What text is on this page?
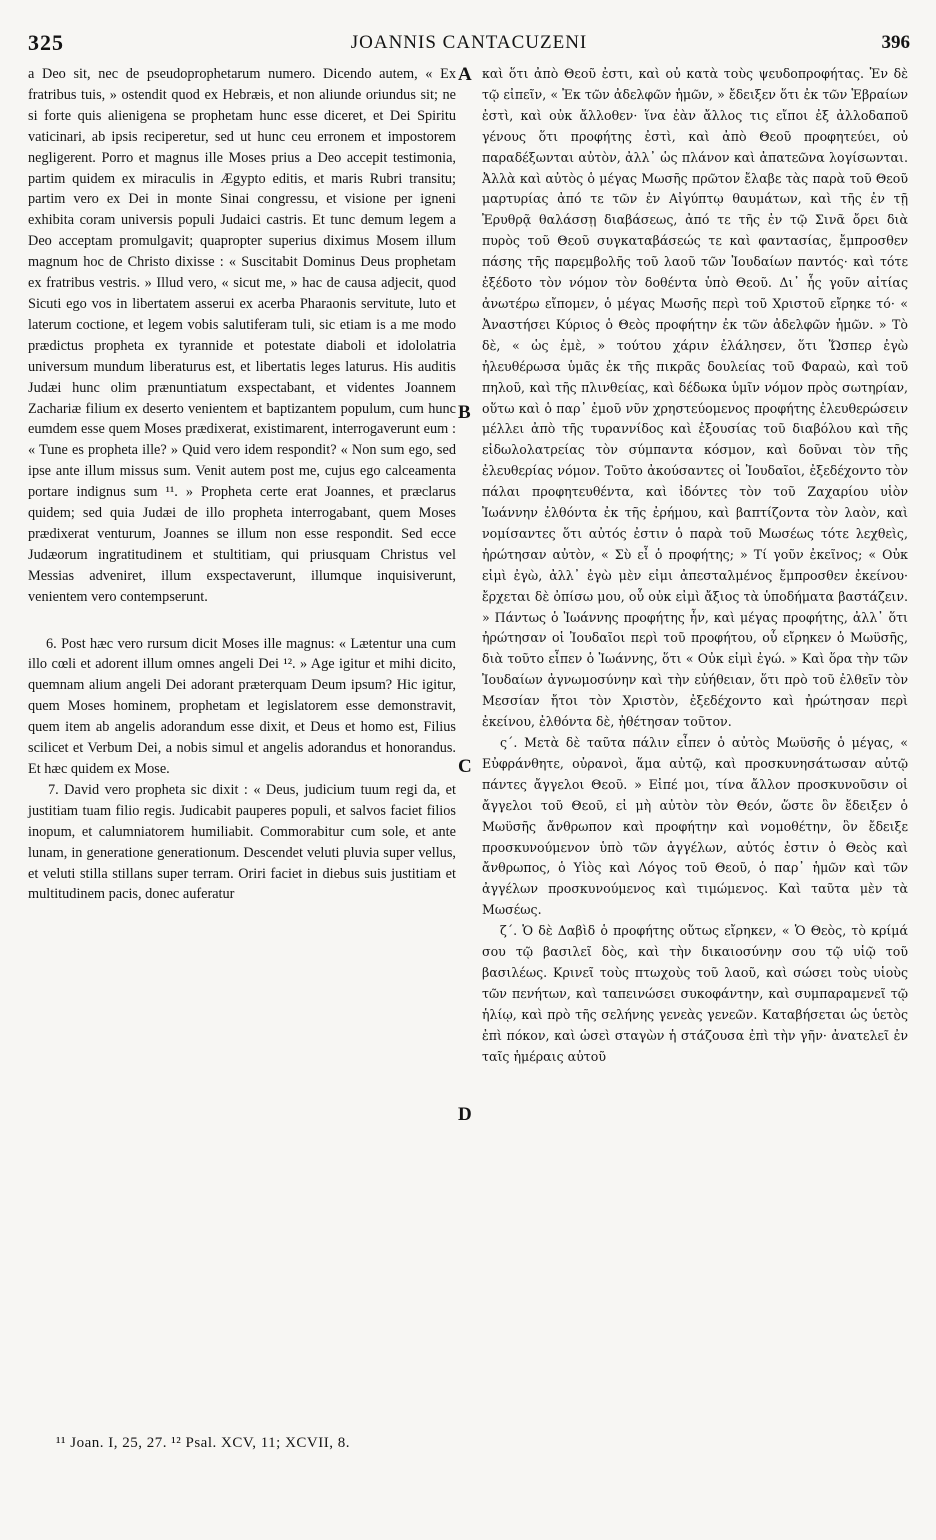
325	JOANNIS CANTACUZENI	396

a Deo sit, nec de pseudoprophetarum numero. Dicendo autem, « Ex fratribus tuis, » ostendit quod ex Hebræis, et non aliunde oriundus sit; ne si forte quis alienigena se prophetam hunc esse diceret, et Dei Spiritu vaticinari, ab ipsis reciperetur, sed ut hunc ceu erronem et impostorem negligerent. Porro et magnus ille Moses prius a Deo accepit testimonia, partim quidem ex miraculis in Ægypto editis, et maris Rubri transitu; partim vero ex Dei in monte Sinai congressu, et visione per igneni exhibita coram universis populi Judaici castris. Et tunc demum legem a Deo acceptam promulgavit; quapropter superius diximus Mosem illum magnum hoc de Christo dixisse : « Suscitabit Dominus Deus prophetam ex fratribus vestris. » Illud vero, « sicut me, » hac de causa adjecit, quod Sicuti ego vos in libertatem asserui ex acerba Pharaonis servitute, luto et laterum coctione, et legem vobis salutiferam tuli, sic etiam is a me modo prædictus propheta ex tyrannide et potestate diaboli et idololatria universum mundum liberaturus est, et libertatis leges laturus. His auditis Judæi hunc olim prænuntiatum exspectabant, et videntes Joannem Zachariæ filium ex deserto venientem et baptizantem populum, cum hunc eumdem esse quem Moses prædixerat, existimarent, interrogaverunt eum : « Tune es propheta ille? » Quid vero idem respondit? « Non sum ego, sed ipse ante illum missus sum. Venit autem post me, cujus ego calceamenta portare indignus sum ¹¹. » Propheta certe erat Joannes, et præclarus quidem; sed quia Judæi de illo propheta interrogabant, quem Moses prædixerat venturum, Joannes se illum non esse respondit. Sed ecce Judæorum ingratitudinem et stultitiam, qui priusquam Christus vel Messias adveniret, illum exspectaverunt, illumque inquisiverunt, venientem vero contempserunt.

6. Post hæc vero rursum dicit Moses ille magnus: « Lætentur una cum illo cœli et adorent illum omnes angeli Dei ¹². » Age igitur et mihi dicito, quemnam alium angeli Dei adorant præterquam Deum ipsum? Hic igitur, quem Moses hominem, prophetam et legislatorem esse demonstravit, quem item ab angelis adorandum esse dixit, et Deus et homo est, Filius scilicet et Verbum Dei, a nobis simul et angelis adorandus et honorandus. Et hæc quidem ex Mose.

7. David vero propheta sic dixit : « Deus, judicium tuum regi da, et justitiam tuam filio regis. Judicabit pauperes populi, et salvos faciet filios inopum, et calumniatorem humiliabit. Commorabitur cum sole, et ante lunam, in generatione generationum. Descendet veluti pluvia super vellus, et veluti stilla stillans super terram. Oriri faciet in diebus suis justitiam et multitudinem pacis, donec auferatur

A
B
C
D

καὶ ὅτι ἀπὸ Θεοῦ ἐστι, καὶ οὐ κατὰ τοὺς ψευδοπροφήτας. Ἐν δὲ τῷ εἰπεῖν, « Ἐκ τῶν ἀδελφῶν ἡμῶν, » ἔδειξεν ὅτι ἐκ τῶν Ἑβραίων ἐστὶ, καὶ οὐκ ἄλλοθεν· ἵνα ἐὰν ἄλλος τις εἴποι ἐξ ἀλλοδαποῦ γένους ὅτι προφήτης ἐστὶ, καὶ ἀπὸ Θεοῦ προφητεύει, οὐ παραδέξωνται αὐτὸν, ἀλλ᾽ ὡς πλάνον καὶ ἀπατεῶνα λογίσωνται. Ἀλλὰ καὶ αὐτὸς ὁ μέγας Μωσῆς πρῶτον ἔλαβε τὰς παρὰ τοῦ Θεοῦ μαρτυρίας ἀπό τε τῶν ἐν Αἰγύπτῳ θαυμάτων, καὶ τῆς ἐν τῇ Ἐρυθρᾷ θαλάσσῃ διαβάσεως, ἀπό τε τῆς ἐν τῷ Σινᾶ ὄρει διὰ πυρὸς τοῦ Θεοῦ συγκαταβάσεώς τε καὶ φαντασίας, ἔμπροσθεν πάσης τῆς παρεμβολῆς τοῦ λαοῦ τῶν Ἰουδαίων παντός· καὶ τότε ἐξέδοτο τὸν νόμον τὸν δοθέντα ὑπὸ Θεοῦ. Δι᾽ ἧς γοῦν αἰτίας ἀνωτέρω εἴπομεν, ὁ μέγας Μωσῆς περὶ τοῦ Χριστοῦ εἴρηκε τό· « Ἀναστήσει Κύριος ὁ Θεὸς προφήτην ἐκ τῶν ἀδελφῶν ἡμῶν. » Τὸ δὲ, « ὡς ἐμὲ, » τούτου χάριν ἐλάλησεν, ὅτι Ὥσπερ ἐγὼ ἠλευθέρωσα ὑμᾶς ἐκ τῆς πικρᾶς δουλείας τοῦ Φαραὼ, καὶ τοῦ πηλοῦ, καὶ τῆς πλινθείας, καὶ δέδωκα ὑμῖν νόμον πρὸς σωτηρίαν, οὕτω καὶ ὁ παρ᾽ ἐμοῦ νῦν χρηστεύομενος προφήτης ἐλευθερώσειν μέλλει ἀπὸ τῆς τυραννίδος καὶ ἐξουσίας τοῦ διαβόλου καὶ τῆς εἰδωλολατρείας τὸν σύμπαντα κόσμον, καὶ δοῦναι τὸν τῆς ἐλευθερίας νόμον. Τοῦτο ἀκούσαντες οἱ Ἰουδαῖοι, ἐξεδέχοντο τὸν πάλαι προφητευθέντα, καὶ ἰδόντες τὸν τοῦ Ζαχαρίου υἱὸν Ἰωάννην ἐλθόντα ἐκ τῆς ἐρήμου, καὶ βαπτίζοντα τὸν λαὸν, καὶ νομίσαντες ὅτι αὐτός ἐστιν ὁ παρὰ τοῦ Μωσέως τότε λεχθεὶς, ἠρώτησαν αὐτὸν, « Σὺ εἶ ὁ προφήτης; » Τί γοῦν ἐκεῖνος; « Οὐκ εἰμὶ ἐγὼ, ἀλλ᾽ ἐγὼ μὲν εἰμι ἀπεσταλμένος ἔμπροσθεν ἐκείνου· ἔρχεται δὲ ὀπίσω μου, οὗ οὐκ εἰμὶ ἄξιος τὰ ὑποδήματα βαστάζειν. » Πάντως ὁ Ἰωάννης προφήτης ἦν, καὶ μέγας προφήτης, ἀλλ᾽ ὅτι ἠρώτησαν οἱ Ἰουδαῖοι περὶ τοῦ προφήτου, οὗ εἴρηκεν ὁ Μωϋσῆς, διὰ τοῦτο εἶπεν ὁ Ἰωάννης, ὅτι « Οὐκ εἰμὶ ἐγώ. » Καὶ ὅρα τὴν τῶν Ἰουδαίων ἀγνωμοσύνην καὶ τὴν εὐήθειαν, ὅτι πρὸ τοῦ ἐλθεῖν τὸν Μεσσίαν ἤτοι τὸν Χριστὸν, ἐξεδέχοντο καὶ ἠρώτησαν περὶ ἐκείνου, ἐλθόντα δὲ, ἠθέτησαν τοῦτον.

ς΄. Μετὰ δὲ ταῦτα πάλιν εἶπεν ὁ αὐτὸς Μωϋσῆς ὁ μέγας, « Εὐφράνθητε, οὐρανοὶ, ἅμα αὐτῷ, καὶ προσκυνησάτωσαν αὐτῷ πάντες ἄγγελοι Θεοῦ. » Εἰπέ μοι, τίνα ἄλλον προσκυνοῦσιν οἱ ἄγγελοι τοῦ Θεοῦ, εἰ μὴ αὐτὸν τὸν Θεόν, ὥστε ὃν ἔδειξεν ὁ Μωϋσῆς ἄνθρωπον καὶ προφήτην καὶ νομοθέτην, ὃν ἔδειξε προσκυνούμενον ὑπὸ τῶν ἀγγέλων, αὐτός ἐστιν ὁ Θεὸς καὶ ἄνθρωπος, ὁ Υἱὸς καὶ Λόγος τοῦ Θεοῦ, ὁ παρ᾽ ἡμῶν καὶ τῶν ἀγγέλων προσκυνούμενος καὶ τιμώμενος. Καὶ ταῦτα μὲν τὰ Μωσέως.

ζ΄. Ὁ δὲ Δαβὶδ ὁ προφήτης οὕτως εἴρηκεν, « Ὁ Θεὸς, τὸ κρίμά σου τῷ βασιλεῖ δὸς, καὶ τὴν δικαιοσύνην σου τῷ υἱῷ τοῦ βασιλέως. Κρινεῖ τοὺς πτωχοὺς τοῦ λαοῦ, καὶ σώσει τοὺς υἱοὺς τῶν πενήτων, καὶ ταπεινώσει συκοφάντην, καὶ συμπαραμενεῖ τῷ ἡλίῳ, καὶ πρὸ τῆς σελήνης γενεὰς γενεῶν. Καταβήσεται ὡς ὑετὸς ἐπὶ πόκον, καὶ ὡσεὶ σταγὼν ἡ στάζουσα ἐπὶ τὴν γῆν· ἀνατελεῖ ἐν ταῖς ἡμέραις αὐτοῦ

¹¹ Joan. I, 25, 27. ¹² Psal. XCV, 11; XCVII, 8.
